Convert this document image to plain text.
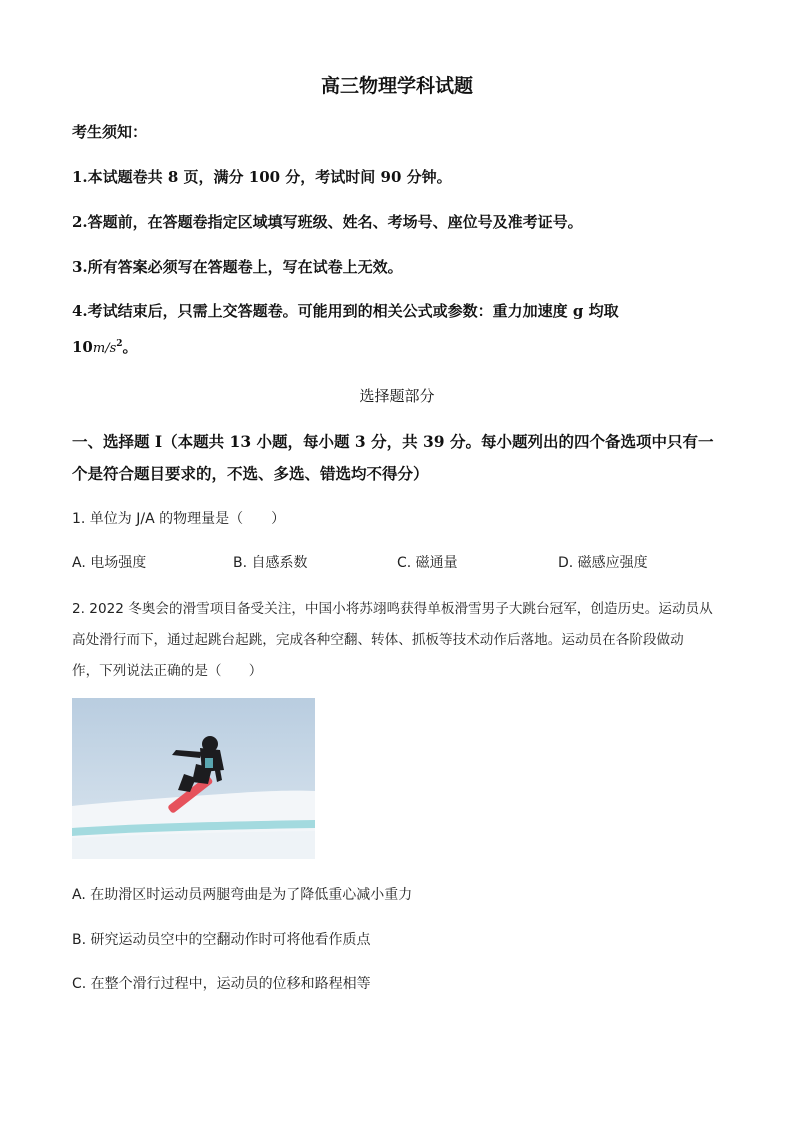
高三物理学科试题
考生须知：
1.本试题卷共 8 页，满分 100 分，考试时间 90 分钟。
2.答题前，在答题卷指定区域填写班级、姓名、考场号、座位号及准考证号。
3.所有答案必须写在答题卷上，写在试卷上无效。
4.考试结束后，只需上交答题卷。可能用到的相关公式或参数：重力加速度 g 均取
$10m/s^2$。
选择题部分
一、选择题 I（本题共 13 小题，每小题 3 分，共 39 分。每小题列出的四个备选项中只有一
个是符合题目要求的，不选、多选、错选均不得分）
1. 单位为 J/A 的物理量是（　　）
A. 电场强度	B. 自感系数	C. 磁通量	D. 磁感应强度
2. 2022 冬奥会的滑雪项目备受关注，中国小将苏翊鸣获得单板滑雪男子大跳台冠军，创造历史。运动员从
高处滑行而下，通过起跳台起跳，完成各种空翻、转体、抓板等技术动作后落地。运动员在各阶段做动
作，下列说法正确的是（　　）
A. 在助滑区时运动员两腿弯曲是为了降低重心减小重力
B. 研究运动员空中的空翻动作时可将他看作质点
C. 在整个滑行过程中，运动员的位移和路程相等
